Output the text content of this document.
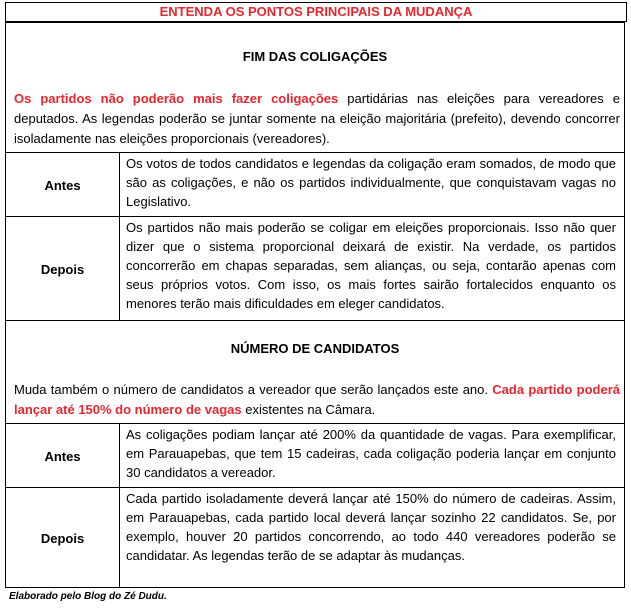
ENTENDA OS PONTOS PRINCIPAIS DA MUDANÇA
FIM DAS COLIGAÇÕES
Os partidos não poderão mais fazer coligações partidárias nas eleições para vereadores e deputados. As legendas poderão se juntar somente na eleição majoritária (prefeito), devendo concorrer isoladamente nas eleições proporcionais (vereadores).
Antes
Os votos de todos candidatos e legendas da coligação eram somados, de modo que são as coligações, e não os partidos individualmente, que conquistavam vagas no Legislativo.
Depois
Os partidos não mais poderão se coligar em eleições proporcionais. Isso não quer dizer que o sistema proporcional deixará de existir. Na verdade, os partidos concorrerão em chapas separadas, sem alianças, ou seja, contarão apenas com seus próprios votos. Com isso, os mais fortes sairão fortalecidos enquanto os menores terão mais dificuldades em eleger candidatos.
NÚMERO DE CANDIDATOS
Muda também o número de candidatos a vereador que serão lançados este ano. Cada partido poderá lançar até 150% do número de vagas existentes na Câmara.
Antes
As coligações podiam lançar até 200% da quantidade de vagas. Para exemplificar, em Parauapebas, que tem 15 cadeiras, cada coligação poderia lançar em conjunto 30 candidatos a vereador.
Depois
Cada partido isoladamente deverá lançar até 150% do número de cadeiras. Assim, em Parauapebas, cada partido local deverá lançar sozinho 22 candidatos. Se, por exemplo, houver 20 partidos concorrendo, ao todo 440 vereadores poderão se candidatar. As legendas terão de se adaptar às mudanças.
Elaborado pelo Blog do Zé Dudu.
